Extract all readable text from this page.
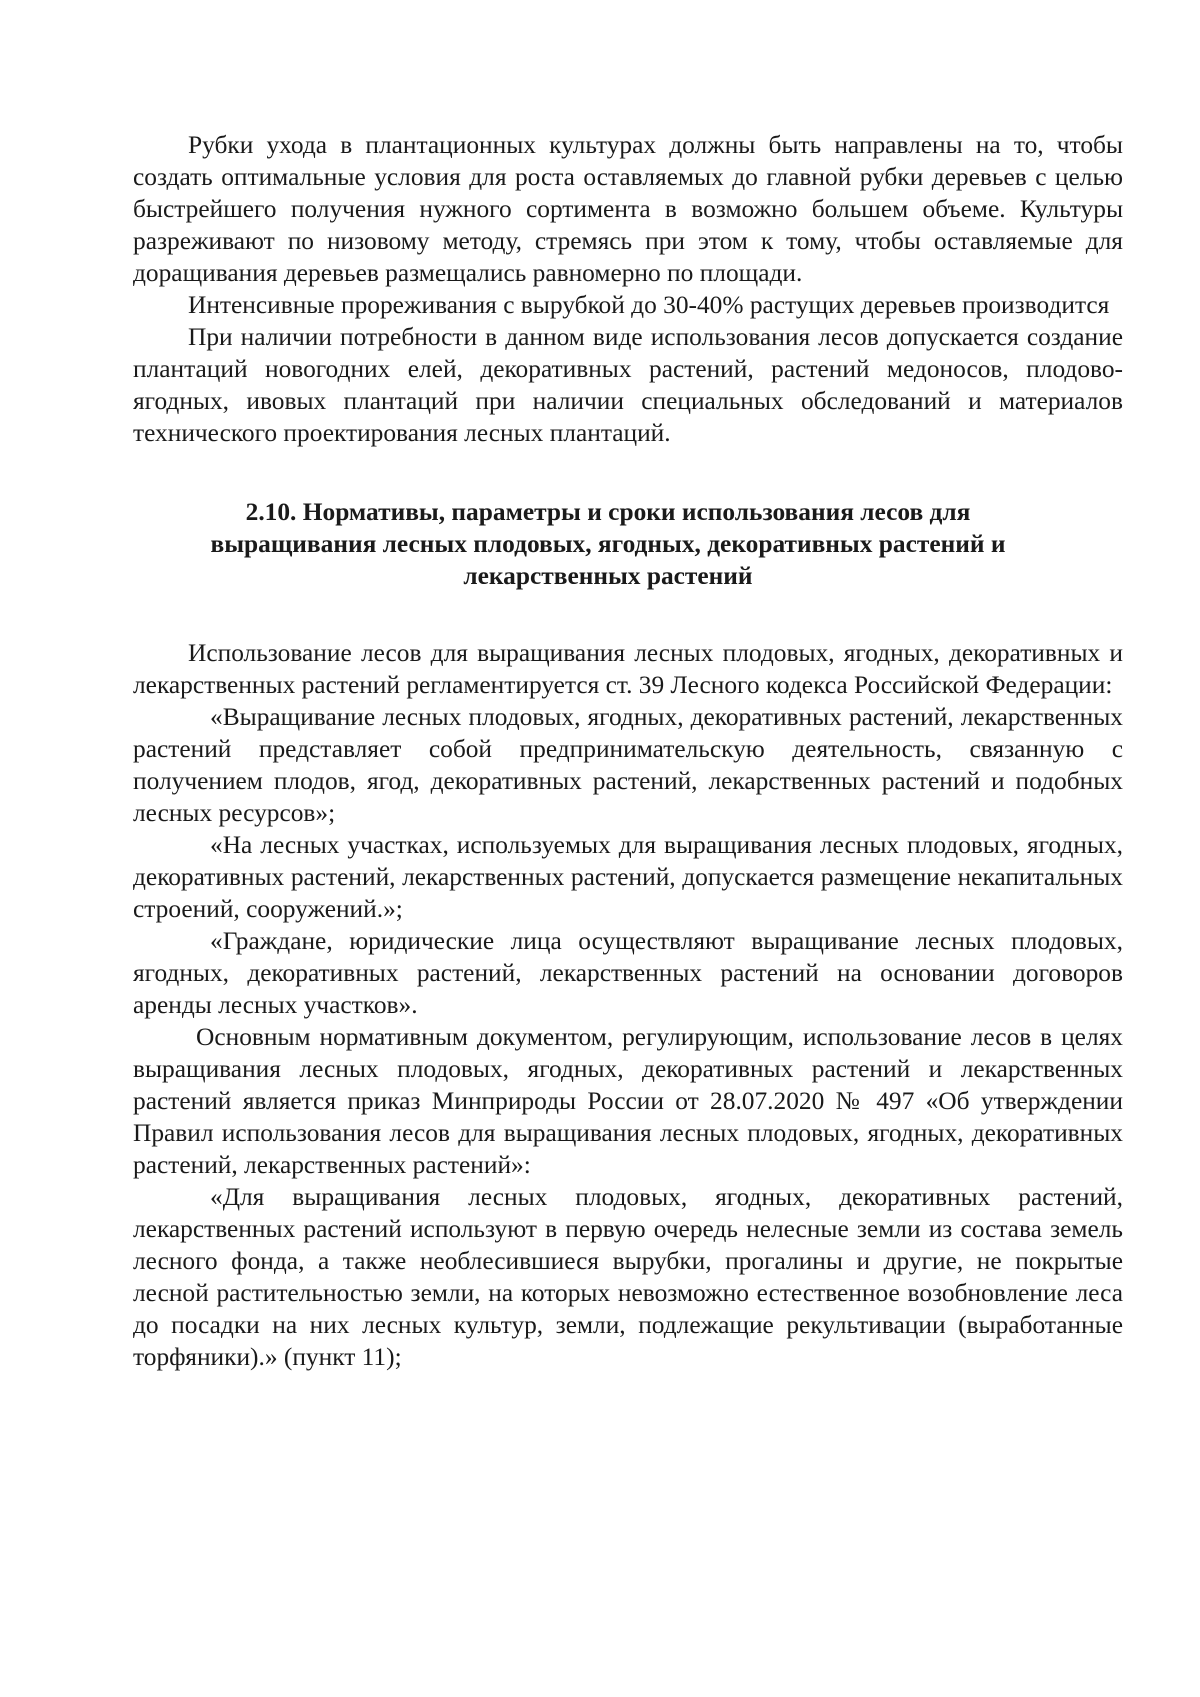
Рубки ухода в плантационных культурах должны быть направлены на то, чтобы создать оптимальные условия для роста оставляемых до главной рубки деревьев с целью быстрейшего получения нужного сортимента в возможно большем объеме. Культуры разреживают по низовому методу, стремясь при этом к тому, чтобы оставляемые для доращивания деревьев размещались равномерно по площади.

Интенсивные прореживания с вырубкой до 30-40% растущих деревьев производится

При наличии потребности в данном виде использования лесов допускается создание плантаций новогодних елей, декоративных растений, растений медоносов, плодово-ягодных, ивовых плантаций при наличии специальных обследований и материалов технического проектирования лесных плантаций.

2.10. Нормативы, параметры и сроки использования лесов для
выращивания лесных плодовых, ягодных, декоративных растений и
лекарственных растений

Использование лесов для выращивания лесных плодовых, ягодных, декоративных и лекарственных растений регламентируется ст. 39 Лесного кодекса Российской Федерации:

«Выращивание лесных плодовых, ягодных, декоративных растений, лекарственных растений представляет собой предпринимательскую деятельность, связанную с получением плодов, ягод, декоративных растений, лекарственных растений и подобных лесных ресурсов»;

«На лесных участках, используемых для выращивания лесных плодовых, ягодных, декоративных растений, лекарственных растений, допускается размещение некапитальных строений, сооружений.»;

«Граждане, юридические лица осуществляют выращивание лесных плодовых, ягодных, декоративных растений, лекарственных растений на основании договоров аренды лесных участков».

Основным нормативным документом, регулирующим, использование лесов в целях выращивания лесных плодовых, ягодных, декоративных растений и лекарственных растений является приказ Минприроды России от 28.07.2020 № 497 «Об утверждении Правил использования лесов для выращивания лесных плодовых, ягодных, декоративных растений, лекарственных растений»:

«Для выращивания лесных плодовых, ягодных, декоративных растений, лекарственных растений используют в первую очередь нелесные земли из состава земель лесного фонда, а также необлесившиеся вырубки, прогалины и другие, не покрытые лесной растительностью земли, на которых невозможно естественное возобновление леса до посадки на них лесных культур, земли, подлежащие рекультивации (выработанные торфяники).» (пункт 11);
